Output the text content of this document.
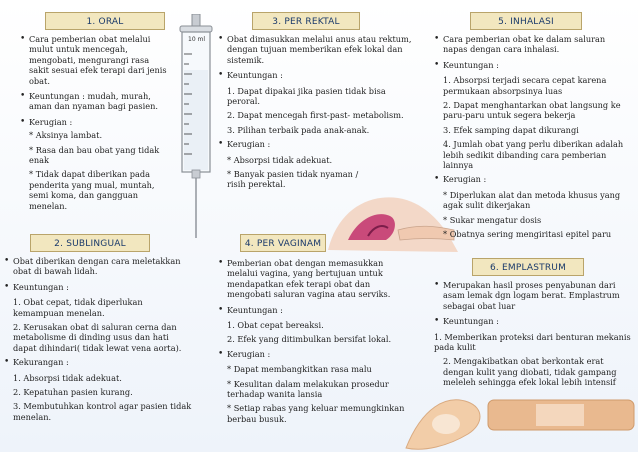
1. ORAL	3. PER REKTAL	5. INHALASI
2. SUBLINGUAL	4. PER VAGINAM
6. EMPLASTRUM
10 ml
• Cara pemberian obat melalui mulut untuk mencegah, mengobati, mengurangi rasa sakit sesuai efek terapi dari jenis obat.
• Keuntungan : mudah, murah, aman dan nyaman bagi pasien.
• Kerugian :

* Aksinya lambat.

* Rasa dan bau obat yang tidak enak

* Tidak dapat diberikan pada penderita yang mual, muntah, semi koma, dan gangguan menelan.

• Obat diberikan dengan cara meletakkan obat di bawah lidah.
• Keuntungan :

1. Obat cepat, tidak diperlukan kemampuan menelan.

2. Kerusakan obat di saluran cerna dan metabolisme di dinding usus dan hati dapat dihindari( tidak lewat vena aorta).

• Kekurangan :

1. Absorpsi tidak adekuat.

2. Kepatuhan pasien kurang.

3. Membutuhkan kontrol agar pasien tidak menelan.

• Obat dimasukkan melalui anus atau rektum, dengan tujuan memberikan efek lokal dan sistemik.
• Keuntungan :

1. Dapat dipakai jika pasien tidak bisa peroral.

2. Dapat mencegah first-past- metabolism.

3. Pilihan terbaik pada anak-anak.

• Kerugian :

* Absorpsi tidak adekuat.

* Banyak pasien tidak nyaman / risih perektal.

• Pemberian obat dengan memasukkan melalui vagina, yang bertujuan untuk mendapatkan efek terapi obat dan mengobati saluran vagina atau serviks.
• Keuntungan :

1. Obat cepat bereaksi.

2. Efek yang ditimbulkan bersifat lokal.

• Kerugian :

* Dapat membangkitkan rasa malu

* Kesulitan dalam melakukan prosedur terhadap wanita lansia

* Setiap rabas yang keluar memungkinkan berbau busuk.

• Cara pemberian obat ke dalam saluran napas dengan cara inhalasi.
• Keuntungan :

1. Absorpsi terjadi secara cepat karena permukaan absorpsinya luas

2. Dapat menghantarkan obat langsung ke paru-paru untuk segera bekerja

3. Efek samping dapat dikurangi

4. Jumlah obat yang perlu diberikan adalah lebih sedikit dibanding cara pemberian lainnya

• Kerugian :

* Diperlukan alat dan metoda khusus yang agak sulit dikerjakan

* Sukar mengatur dosis

* Obatnya sering mengiritasi epitel paru

• Merupakan hasil proses penyabunan dari asam lemak dgn logam berat. Emplastrum sebagai obat luar
• Keuntungan :

1. Memberikan proteksi dari benturan mekanis pada kulit

2. Mengakibatkan obat berkontak erat dengan kulit yang diobati, tidak gampang meleleh sehingga efek lokal lebih intensif
